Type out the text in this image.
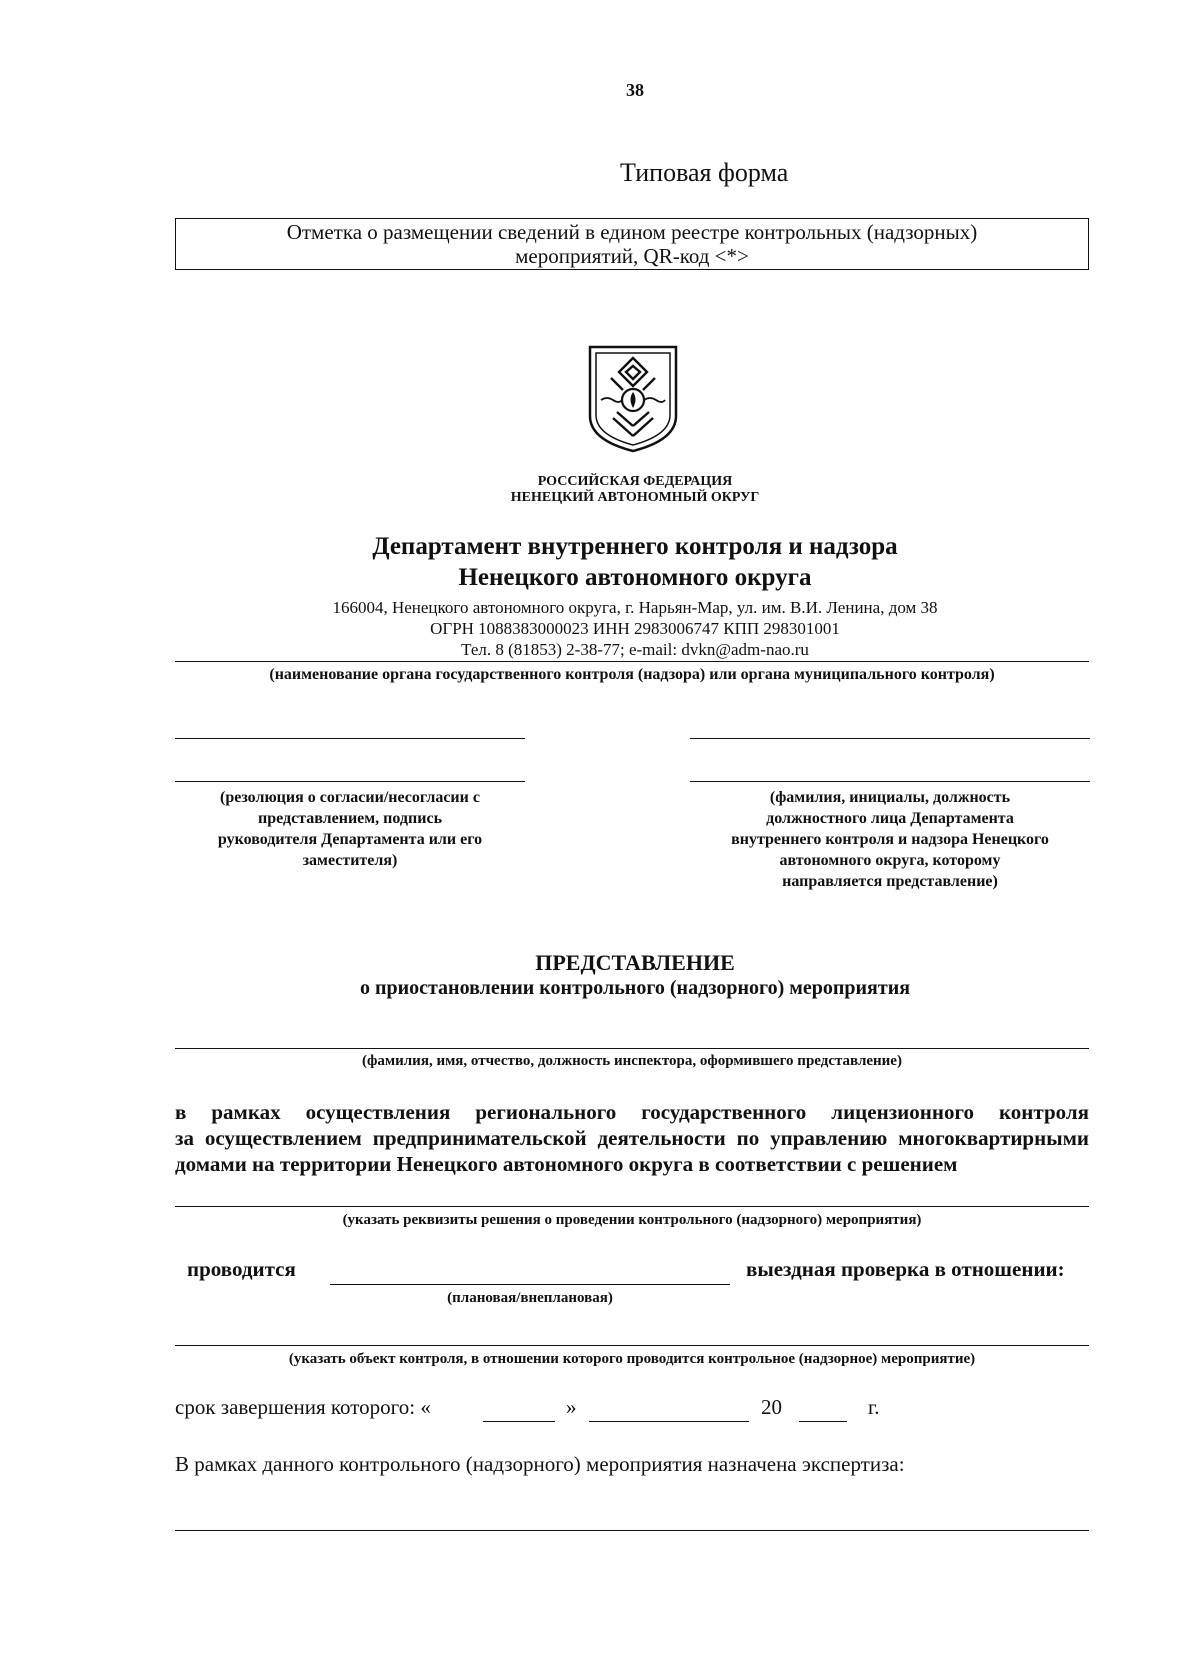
38
Типовая форма
Отметка о размещении сведений в едином реестре контрольных (надзорных)
мероприятий, QR-код <*>
РОССИЙСКАЯ ФЕДЕРАЦИЯ
НЕНЕЦКИЙ АВТОНОМНЫЙ ОКРУГ
Департамент внутреннего контроля и надзора
Ненецкого автономного округа
166004, Ненецкого автономного округа, г. Нарьян-Мар, ул. им. В.И. Ленина, дом 38
ОГРН 1088383000023 ИНН 2983006747 КПП 298301001
Тел. 8 (81853) 2-38-77; e-mail: dvkn@adm-nao.ru
(наименование органа государственного контроля (надзора) или органа муниципального контроля)
(резолюция о согласии/несогласии с
представлением, подпись
руководителя Департамента или его
заместителя)
(фамилия, инициалы, должность
должностного лица Департамента
внутреннего контроля и надзора Ненецкого
автономного округа, которому
направляется представление)
ПРЕДСТАВЛЕНИЕ
о приостановлении контрольного (надзорного) мероприятия
(фамилия, имя, отчество, должность инспектора, оформившего представление)
в рамках осуществления регионального государственного лицензионного контроля
за осуществлением предпринимательской деятельности по управлению многоквартирными
домами на территории Ненецкого автономного округа в соответствии с решением
(указать реквизиты решения о проведении контрольного (надзорного) мероприятия)
проводится	выездная проверка в отношении:
(плановая/внеплановая)
(указать объект контроля, в отношении которого проводится контрольное (надзорное) мероприятие)
срок завершения которого: «	»	20	г.
В рамках данного контрольного (надзорного) мероприятия назначена экспертиза:
